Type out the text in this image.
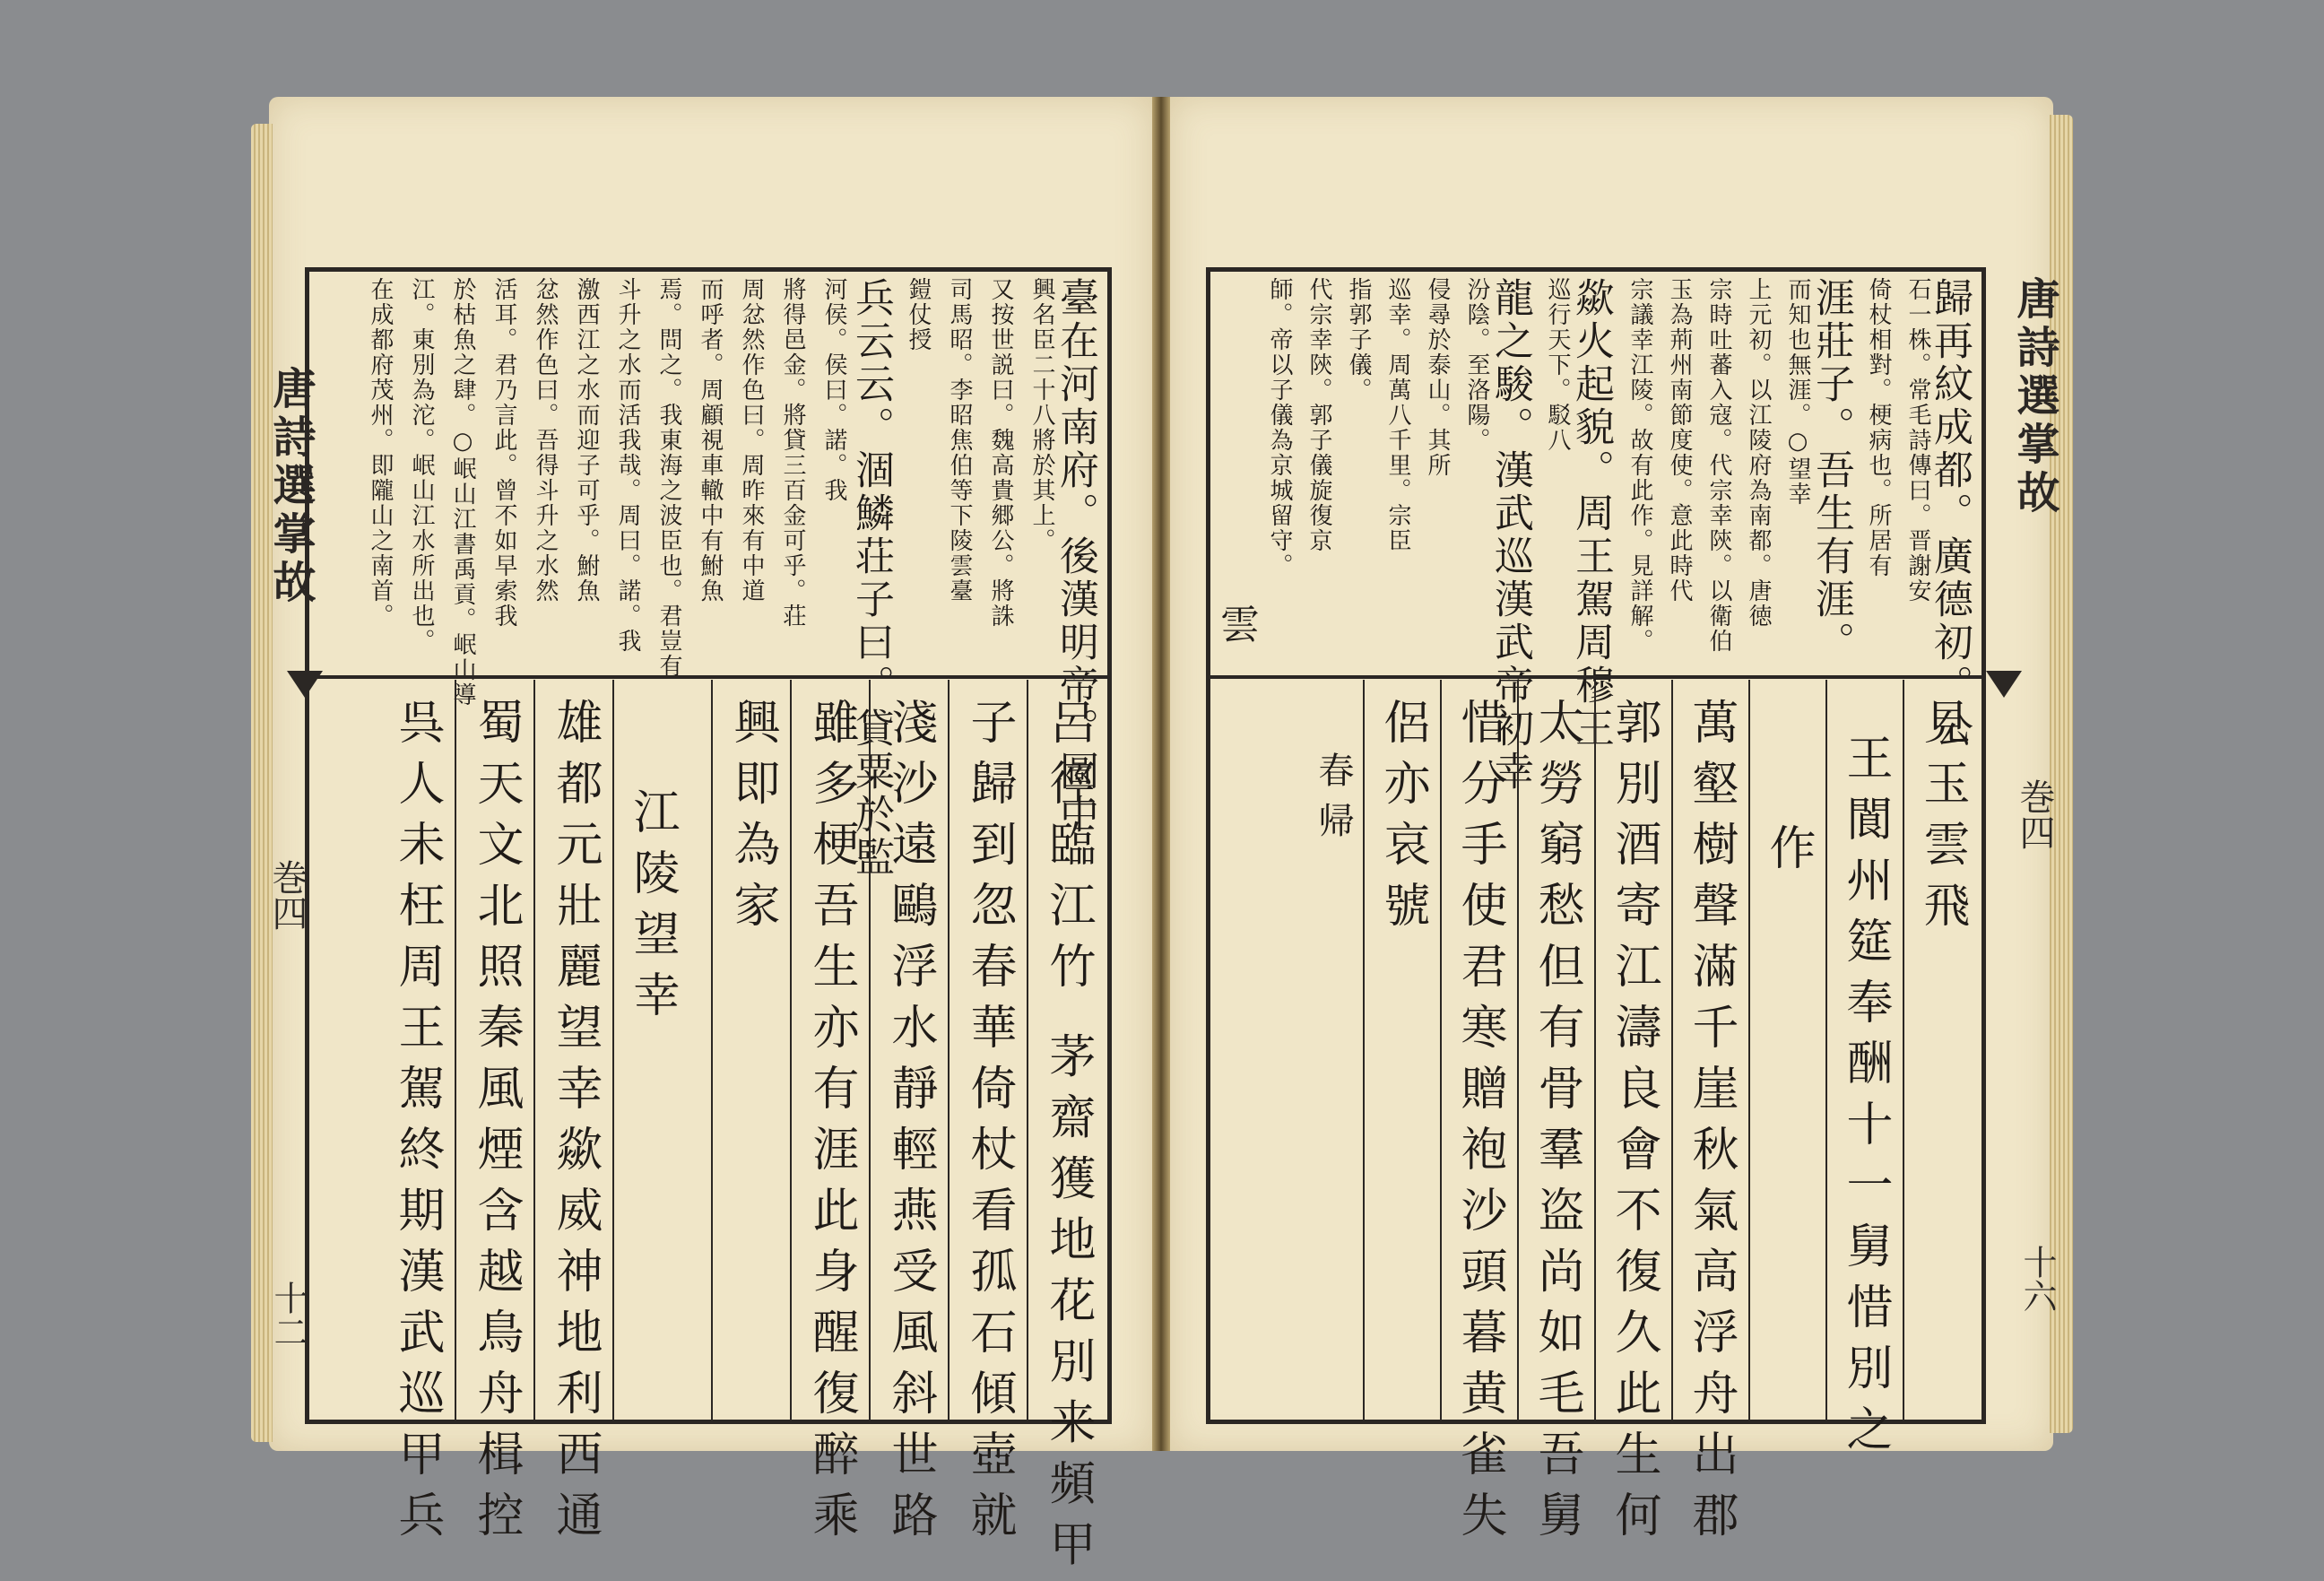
唐詩選掌故
巻四
十二
臺在河南府。後漢明帝。圖中
興名臣二十八將於其上。
又按世説曰。魏高貴郷公。將誅
司馬昭。李昭焦伯等下陵雲臺
鎧仗授
兵云云。涸鱗荘子曰。貸粟於監
河侯。侯曰。諾。我
將得邑金。將貸三百金可乎。荘
周忿然作色曰。周昨來有中道
而呼者。周顧視車轍中有鮒魚
焉。問之。我東海之波臣也。君豈有
斗升之水而活我哉。周曰。諾。我
激西江之水而迎子可乎。鮒魚
忿然作色曰。吾得斗升之水然
活耳。君乃言此。曾不如早索我
於枯魚之肆。○岷山江書禹貢。岷山導
江。東別為沱。岷山江水所出也。
在成都府茂州。即隴山之南首。
呂徑臨江竹 茅齋獲地花別来頻甲
子歸到忽春華倚杖看孤石傾壺就
淺沙遠鷗浮水靜輕燕受風斜世路
雖多梗吾生亦有涯此身醒復醉乘
興即為家
江陵望幸
雄都元壯麗望幸歘威神地利西通
蜀天文北照秦風煙含越鳥舟楫控
呉人未枉周王駕終期漢武巡甲兵
唐詩選掌故
巻四
十六
歸再紋成都。廣德初。公
石一株。常毛詩傳曰。晋謝安
倚杖相對。梗病也。所居有
涯莊子。吾生有涯。
而知也無涯。○望幸
上元初。以江陵府為南都。唐徳
宗時吐蕃入寇。代宗幸陝。以衛伯
玉為荊州南節度使。意此時代
宗議幸江陵。故有此作。見詳解。
歘火起貌。周王駕周穆王
巡行天下。駁八
龍之駿。漢武巡漢武帝初幸
汾陰。至洛陽。
侵尋於泰山。其所
巡幸。周萬八千里。宗臣
指郭子儀。
代宗幸陝。郭子儀旋復京
師。帝以子儀為京城留守。
雲
見玉雲飛
王閬州筵奉酬十一舅惜別之
作
萬壑樹聲滿千崖秋氣高浮舟出郡
郭別酒寄江濤良會不復久此生何
太勞窮愁但有骨羣盗尚如毛吾舅
惜分手使君寒贈袍沙頭暮黄雀失
侶亦哀號
春帰
